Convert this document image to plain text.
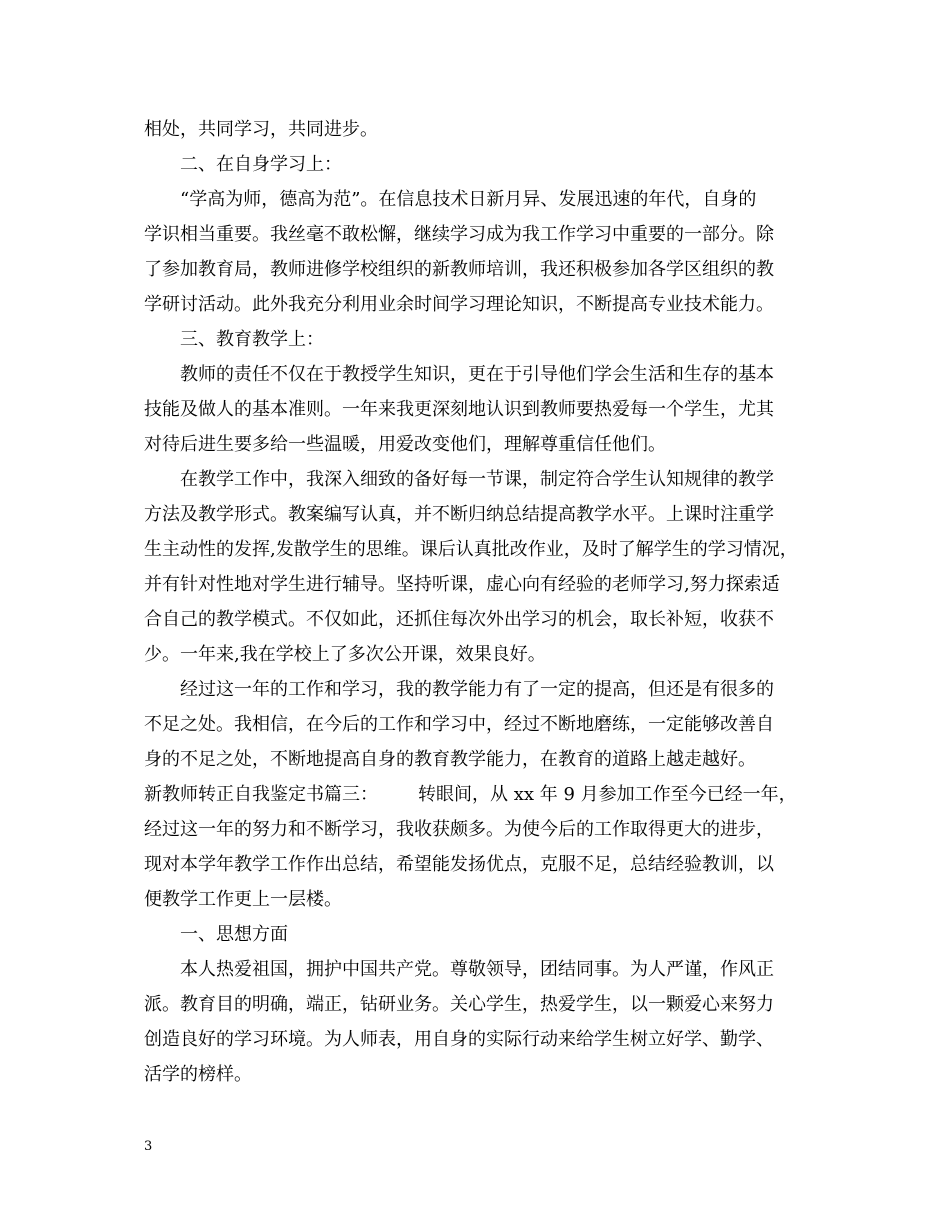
相处，共同学习，共同进步。
二、在自身学习上：
“学高为师，德高为范”。在信息技术日新月异、发展迅速的年代，自身的
学识相当重要。我丝毫不敢松懈，继续学习成为我工作学习中重要的一部分。除
了参加教育局，教师进修学校组织的新教师培训，我还积极参加各学区组织的教
学研讨活动。此外我充分利用业余时间学习理论知识，不断提高专业技术能力。
三、教育教学上：
教师的责任不仅在于教授学生知识，更在于引导他们学会生活和生存的基本
技能及做人的基本准则。一年来我更深刻地认识到教师要热爱每一个学生，尤其
对待后进生要多给一些温暖，用爱改变他们，理解尊重信任他们。
在教学工作中，我深入细致的备好每一节课，制定符合学生认知规律的教学
方法及教学形式。教案编写认真，并不断归纳总结提高教学水平。上课时注重学
生主动性的发挥,发散学生的思维。课后认真批改作业，及时了解学生的学习情况，
并有针对性地对学生进行辅导。坚持听课，虚心向有经验的老师学习,努力探索适
合自己的教学模式。不仅如此，还抓住每次外出学习的机会，取长补短，收获不
少。一年来,我在学校上了多次公开课，效果良好。
经过这一年的工作和学习，我的教学能力有了一定的提高，但还是有很多的
不足之处。我相信，在今后的工作和学习中，经过不断地磨练，一定能够改善自
身的不足之处，不断地提高自身的教育教学能力，在教育的道路上越走越好。
新教师转正自我鉴定书篇三： 转眼间，从 xx 年 9 月参加工作至今已经一年，
经过这一年的努力和不断学习，我收获颇多。为使今后的工作取得更大的进步，
现对本学年教学工作作出总结，希望能发扬优点，克服不足，总结经验教训，以
便教学工作更上一层楼。
一、思想方面
本人热爱祖国，拥护中国共产党。尊敬领导，团结同事。为人严谨，作风正
派。教育目的明确，端正，钻研业务。关心学生，热爱学生，以一颗爱心来努力
创造良好的学习环境。为人师表，用自身的实际行动来给学生树立好学、勤学、
活学的榜样。
3
